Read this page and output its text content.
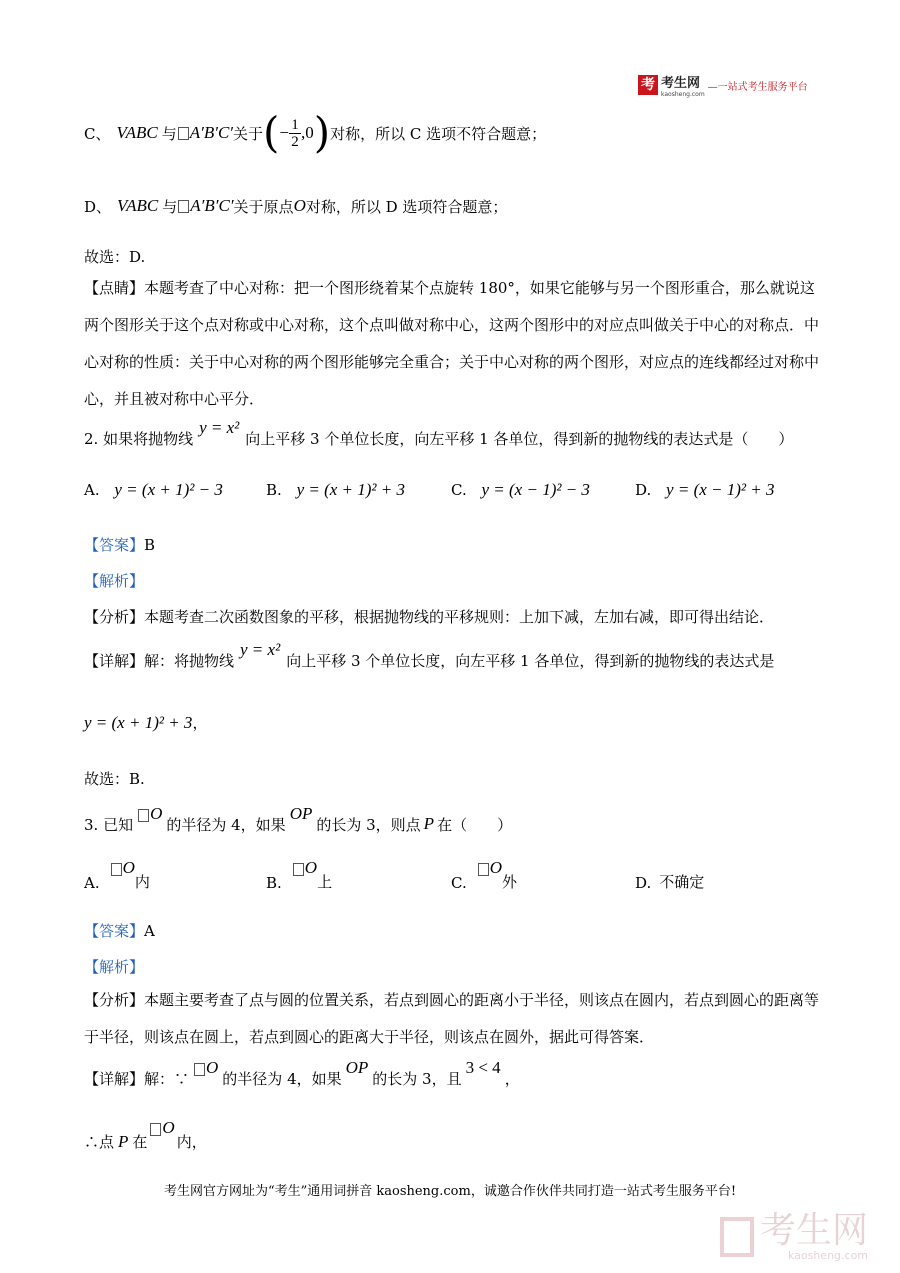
考 考生网
kaosheng.com
—一站式考生服务平台
C、 VABC 与 A′B′C′ 关于 ( − $\frac{1}{2}$ , 0 ) 对称，所以 C 选项不符合题意；
D、 VABC 与 A′B′C′ 关于原点 O 对称，所以 D 选项符合题意；
故选：D.
【点睛】本题考查了中心对称：把一个图形绕着某个点旋转 180°，如果它能够与另一个图形重合，那么就说这两个图形关于这个点对称或中心对称，这个点叫做对称中心，这两个图形中的对应点叫做关于中心的对称点．中心对称的性质：关于中心对称的两个图形能够完全重合；关于中心对称的两个图形，对应点的连线都经过对称中心，并且被对称中心平分．
2. 如果将抛物线
y = x²
向上平移 3 个单位长度，向左平移 1 各单位，得到新的抛物线的表达式是（　　）
A. y = (x + 1)² − 3	B. y = (x + 1)² + 3	C. y = (x − 1)² − 3	D. y = (x − 1)² + 3
【答案】B
【解析】
【分析】本题考查二次函数图象的平移，根据抛物线的平移规则：上加下减，左加右减，即可得出结论．
【详解】解：将抛物线
y = x²
向上平移 3 个单位长度，向左平移 1 各单位，得到新的抛物线的表达式是
y = (x + 1)² + 3，
故选：B.
3. 已知
O
的半径为 4，如果
OP
的长为 3，则点 P 在（　　）
A.
O
内	B.
O
上	C.
O
外	D. 不确定
【答案】A
【解析】
【分析】本题主要考查了点与圆的位置关系，若点到圆心的距离小于半径，则该点在圆内，若点到圆心的距离等于半径，则该点在圆上，若点到圆心的距离大于半径，则该点在圆外，据此可得答案．
【详解】解：∵
O
的半径为 4，如果
OP
的长为 3，且
3 < 4
，
∴点 P 在
O
内，
考生网官方网址为“考生”通用词拼音 kaosheng.com，诚邀合作伙伴共同打造一站式考生服务平台!
考生网
kaosheng.com
